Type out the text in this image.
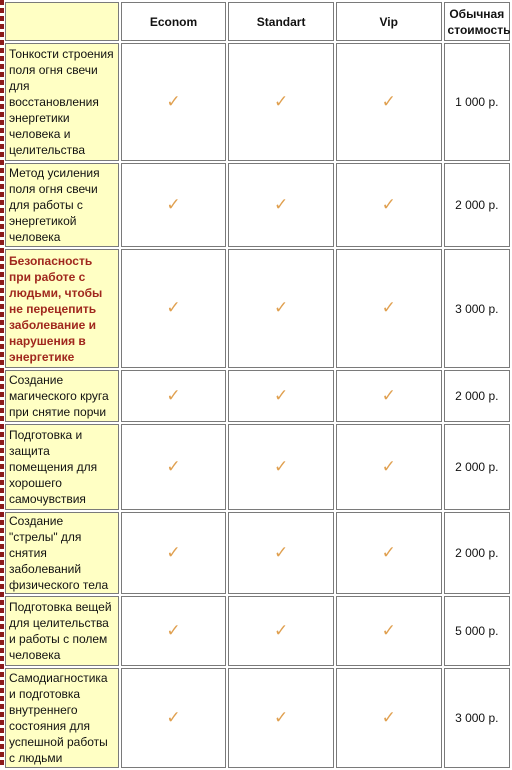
	Econom	Standart	Vip	Обычная стоимость
Тонкости строения поля огня свечи для восстановления энергетики человека и целительства	✓	✓	✓	1 000 р.
Метод усиления поля огня свечи для работы с энергетикой человека	✓	✓	✓	2 000 р.
Безопасность при работе с людьми, чтобы не перецепить заболевание и нарушения в энергетике	✓	✓	✓	3 000 р.
Создание магического круга при снятие порчи	✓	✓	✓	2 000 р.
Подготовка и защита помещения для хорошего самочувствия	✓	✓	✓	2 000 р.
Создание "стрелы" для снятия заболеваний физического тела	✓	✓	✓	2 000 р.
Подготовка вещей для целительства и работы с полем человека	✓	✓	✓	5 000 р.
Самодиагностика и подготовка внутреннего состояния для успешной работы с людьми	✓	✓	✓	3 000 р.
